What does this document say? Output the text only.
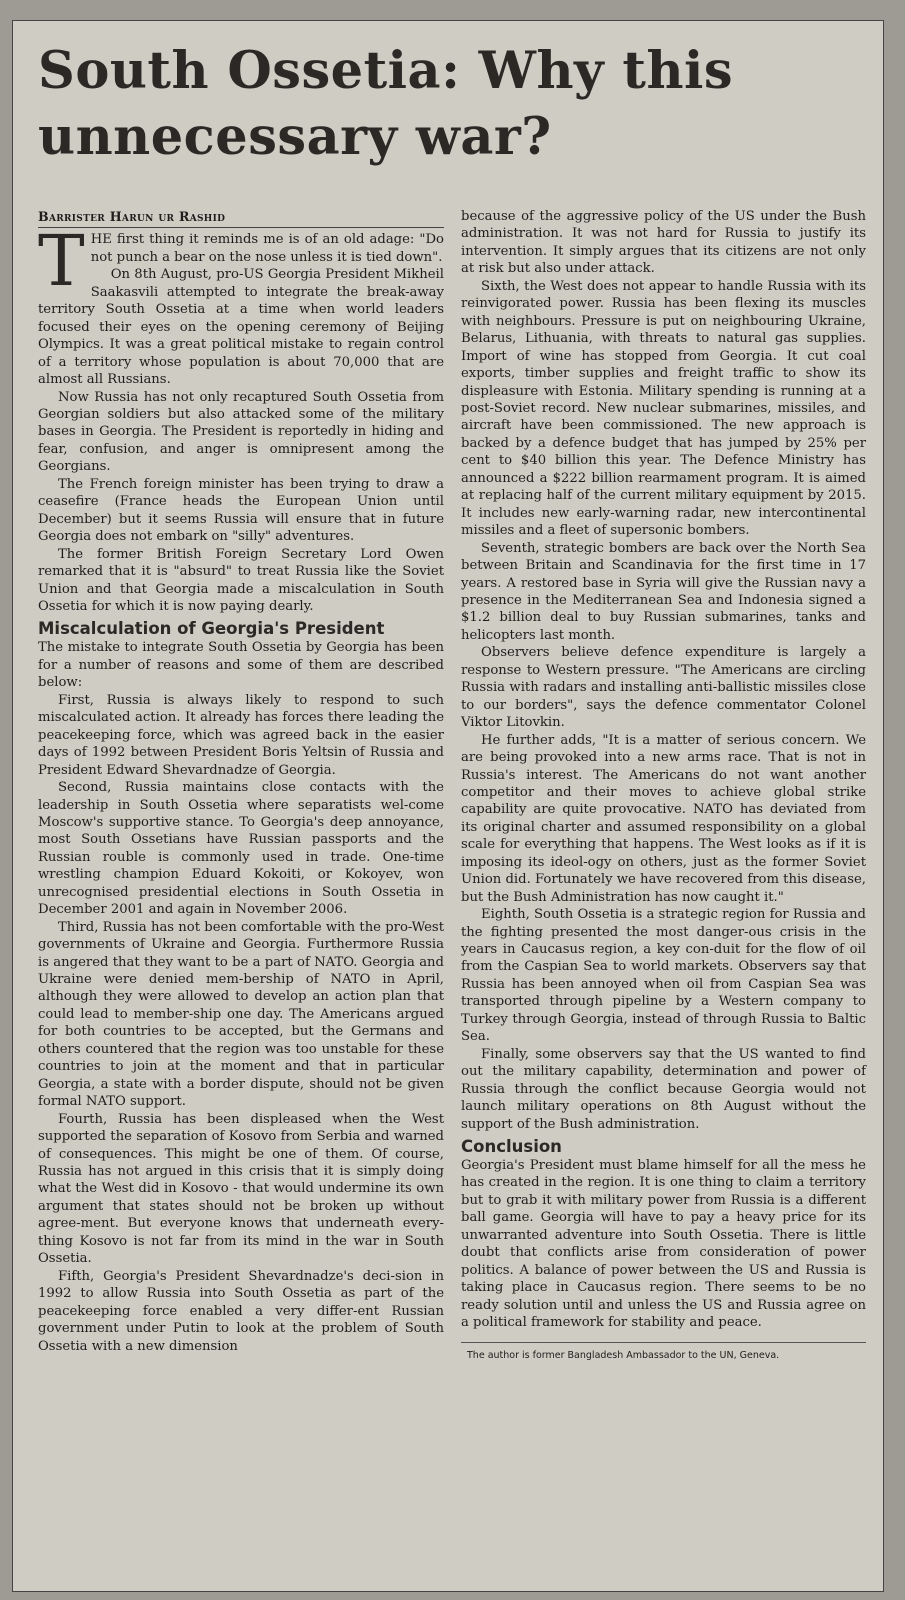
South Ossetia: Why this unnecessary war?
Barrister Harun ur Rashid

THE first thing it reminds me is of an old adage: "Do not punch a bear on the nose unless it is tied down".

On 8th August, pro-US Georgia President Mikheil Saakasvili attempted to integrate the break-away territory South Ossetia at a time when world leaders focused their eyes on the opening ceremony of Beijing Olympics. It was a great political mistake to regain control of a territory whose population is about 70,000 that are almost all Russians.

Now Russia has not only recaptured South Ossetia from Georgian soldiers but also attacked some of the military bases in Georgia. The President is reportedly in hiding and fear, confusion, and anger is omnipresent among the Georgians.

The French foreign minister has been trying to draw a ceasefire (France heads the European Union until December) but it seems Russia will ensure that in future Georgia does not embark on "silly" adventures.

The former British Foreign Secretary Lord Owen remarked that it is "absurd" to treat Russia like the Soviet Union and that Georgia made a miscalculation in South Ossetia for which it is now paying dearly.

Miscalculation of Georgia's President

The mistake to integrate South Ossetia by Georgia has been for a number of reasons and some of them are described below:

First, Russia is always likely to respond to such miscalculated action. It already has forces there leading the peacekeeping force, which was agreed back in the easier days of 1992 between President Boris Yeltsin of Russia and President Edward Shevardnadze of Georgia.

Second, Russia maintains close contacts with the leadership in South Ossetia where separatists wel-come Moscow's supportive stance. To Georgia's deep annoyance, most South Ossetians have Russian passports and the Russian rouble is commonly used in trade. One-time wrestling champion Eduard Kokoiti, or Kokoyev, won unrecognised presidential elections in South Ossetia in December 2001 and again in November 2006.

Third, Russia has not been comfortable with the pro-West governments of Ukraine and Georgia. Furthermore Russia is angered that they want to be a part of NATO. Georgia and Ukraine were denied mem-bership of NATO in April, although they were allowed to develop an action plan that could lead to member-ship one day. The Americans argued for both countries to be accepted, but the Germans and others countered that the region was too unstable for these countries to join at the moment and that in particular Georgia, a state with a border dispute, should not be given formal NATO support.

Fourth, Russia has been displeased when the West supported the separation of Kosovo from Serbia and warned of consequences. This might be one of them. Of course, Russia has not argued in this crisis that it is simply doing what the West did in Kosovo - that would undermine its own argument that states should not be broken up without agree-ment. But everyone knows that underneath every-thing Kosovo is not far from its mind in the war in South Ossetia.

Fifth, Georgia's President Shevardnadze's deci-sion in 1992 to allow Russia into South Ossetia as part of the peacekeeping force enabled a very differ-ent Russian government under Putin to look at the problem of South Ossetia with a new dimension

because of the aggressive policy of the US under the Bush administration. It was not hard for Russia to justify its intervention. It simply argues that its citizens are not only at risk but also under attack.

Sixth, the West does not appear to handle Russia with its reinvigorated power. Russia has been flexing its muscles with neighbours. Pressure is put on neighbouring Ukraine, Belarus, Lithuania, with threats to natural gas supplies. Import of wine has stopped from Georgia. It cut coal exports, timber supplies and freight traffic to show its displeasure with Estonia. Military spending is running at a post-Soviet record. New nuclear submarines, missiles, and aircraft have been commissioned. The new approach is backed by a defence budget that has jumped by 25% per cent to $40 billion this year. The Defence Ministry has announced a $222 billion rearmament program. It is aimed at replacing half of the current military equipment by 2015. It includes new early-warning radar, new intercontinental missiles and a fleet of supersonic bombers.

Seventh, strategic bombers are back over the North Sea between Britain and Scandinavia for the first time in 17 years. A restored base in Syria will give the Russian navy a presence in the Mediterranean Sea and Indonesia signed a $1.2 billion deal to buy Russian submarines, tanks and helicopters last month.

Observers believe defence expenditure is largely a response to Western pressure. "The Americans are circling Russia with radars and installing anti-ballistic missiles close to our borders", says the defence commentator Colonel Viktor Litovkin.

He further adds, "It is a matter of serious concern. We are being provoked into a new arms race. That is not in Russia's interest. The Americans do not want another competitor and their moves to achieve global strike capability are quite provocative. NATO has deviated from its original charter and assumed responsibility on a global scale for everything that happens. The West looks as if it is imposing its ideol-ogy on others, just as the former Soviet Union did. Fortunately we have recovered from this disease, but the Bush Administration has now caught it."

Eighth, South Ossetia is a strategic region for Russia and the fighting presented the most danger-ous crisis in the years in Caucasus region, a key con-duit for the flow of oil from the Caspian Sea to world markets. Observers say that Russia has been annoyed when oil from Caspian Sea was transported through pipeline by a Western company to Turkey through Georgia, instead of through Russia to Baltic Sea.

Finally, some observers say that the US wanted to find out the military capability, determination and power of Russia through the conflict because Georgia would not launch military operations on 8th August without the support of the Bush administration.

Conclusion

Georgia's President must blame himself for all the mess he has created in the region. It is one thing to claim a territory but to grab it with military power from Russia is a different ball game. Georgia will have to pay a heavy price for its unwarranted adventure into South Ossetia. There is little doubt that conflicts arise from consideration of power politics. A balance of power between the US and Russia is taking place in Caucasus region. There seems to be no ready solution until and unless the US and Russia agree on a political framework for stability and peace.

The author is former Bangladesh Ambassador to the UN, Geneva.
